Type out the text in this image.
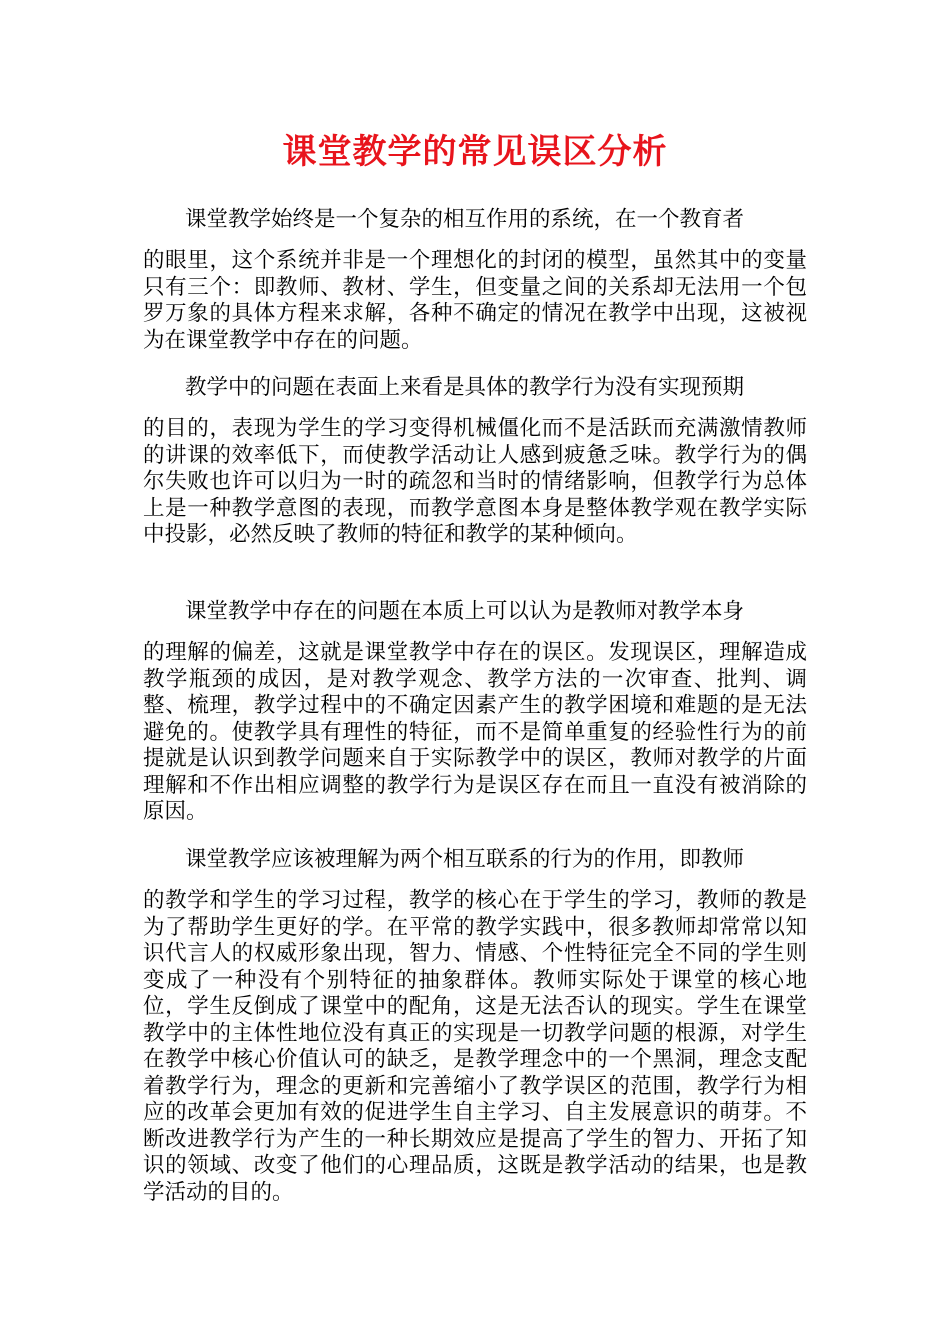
课堂教学的常见误区分析
课堂教学始终是一个复杂的相互作用的系统，在一个教育者
的眼里，这个系统并非是一个理想化的封闭的模型，虽然其中的变量只有三个：即教师、教材、学生，但变量之间的关系却无法用一个包罗万象的具体方程来求解，各种不确定的情况在教学中出现，这被视为在课堂教学中存在的问题。
教学中的问题在表面上来看是具体的教学行为没有实现预期
的目的，表现为学生的学习变得机械僵化而不是活跃而充满激情教师的讲课的效率低下，而使教学活动让人感到疲惫乏味。教学行为的偶尔失败也许可以归为一时的疏忽和当时的情绪影响，但教学行为总体上是一种教学意图的表现，而教学意图本身是整体教学观在教学实际中投影，必然反映了教师的特征和教学的某种倾向。
课堂教学中存在的问题在本质上可以认为是教师对教学本身
的理解的偏差，这就是课堂教学中存在的误区。发现误区，理解造成教学瓶颈的成因，是对教学观念、教学方法的一次审查、批判、调整、梳理，教学过程中的不确定因素产生的教学困境和难题的是无法避免的。使教学具有理性的特征，而不是简单重复的经验性行为的前提就是认识到教学问题来自于实际教学中的误区，教师对教学的片面理解和不作出相应调整的教学行为是误区存在而且一直没有被消除的原因。
课堂教学应该被理解为两个相互联系的行为的作用，即教师
的教学和学生的学习过程，教学的核心在于学生的学习，教师的教是为了帮助学生更好的学。在平常的教学实践中，很多教师却常常以知识代言人的权威形象出现，智力、情感、个性特征完全不同的学生则变成了一种没有个别特征的抽象群体。教师实际处于课堂的核心地位，学生反倒成了课堂中的配角，这是无法否认的现实。学生在课堂教学中的主体性地位没有真正的实现是一切教学问题的根源，对学生在教学中核心价值认可的缺乏，是教学理念中的一个黑洞，理念支配着教学行为，理念的更新和完善缩小了教学误区的范围，教学行为相应的改革会更加有效的促进学生自主学习、自主发展意识的萌芽。不断改进教学行为产生的一种长期效应是提高了学生的智力、开拓了知识的领域、改变了他们的心理品质，这既是教学活动的结果，也是教学活动的目的。
